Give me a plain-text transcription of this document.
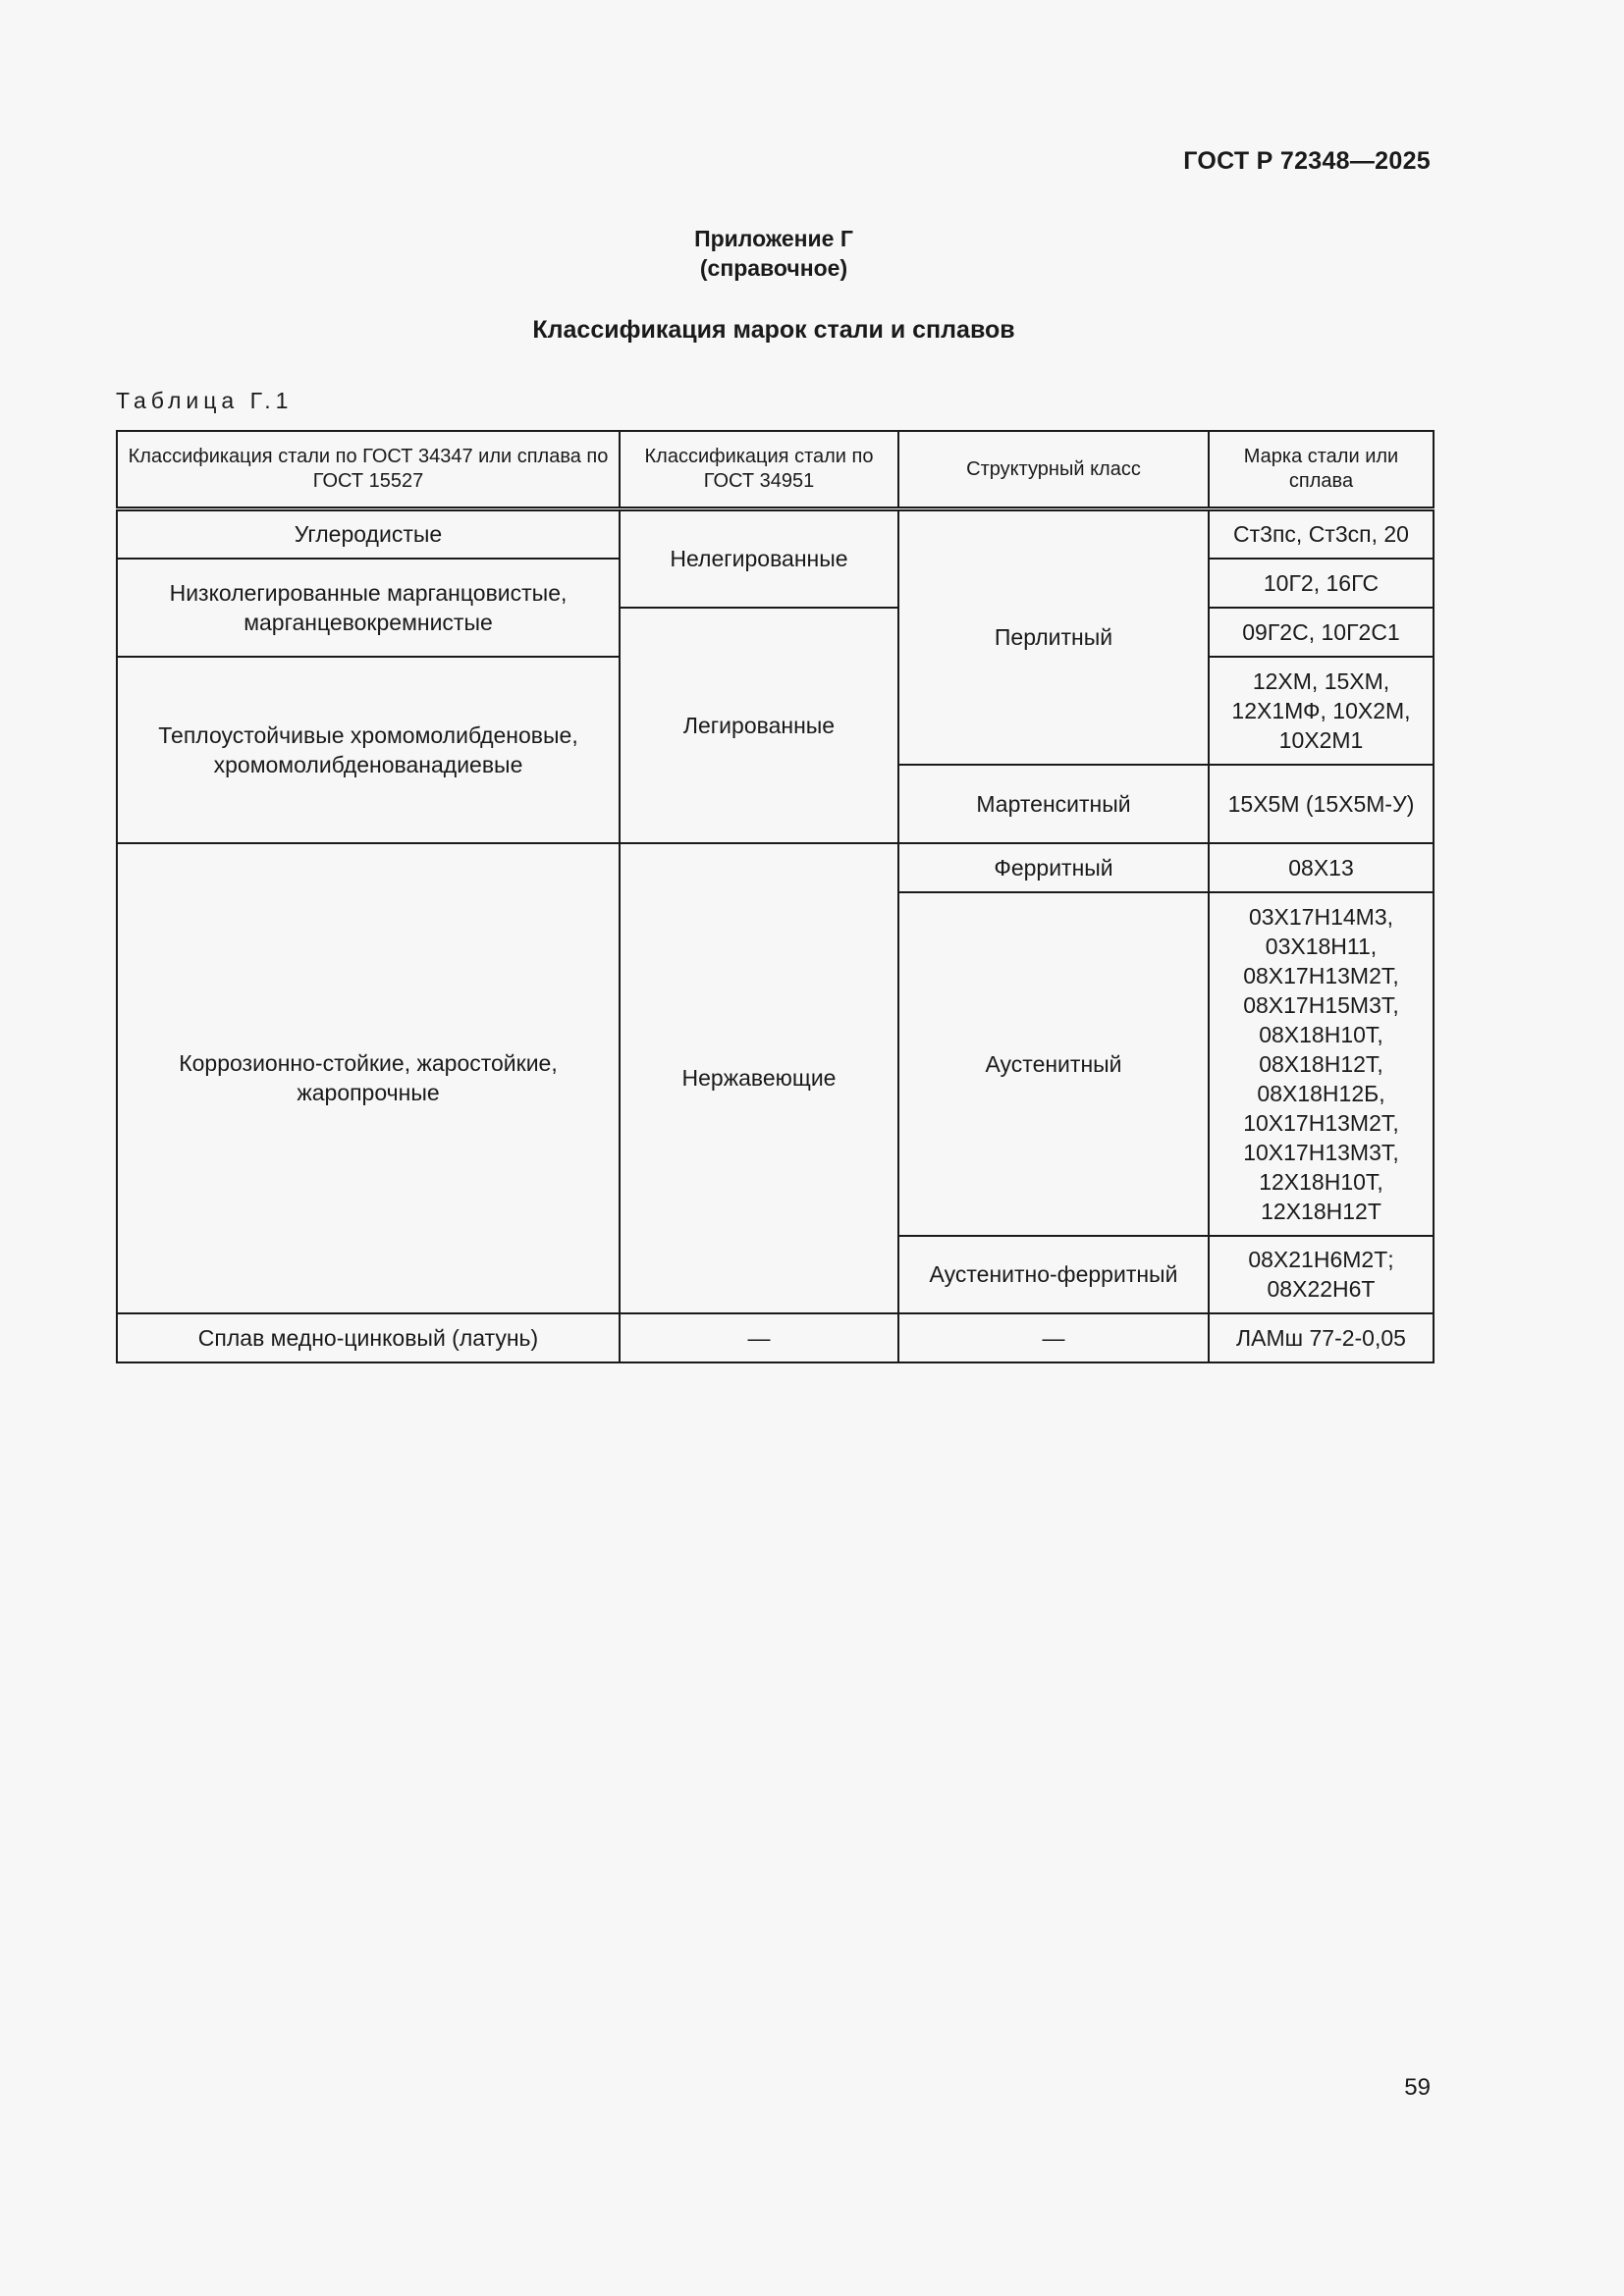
ГОСТ Р 72348—2025
Приложение Г
(справочное)
Классификация марок стали и сплавов
Таблица Г.1
Классификация стали по ГОСТ 34347 или сплава по ГОСТ 15527	Классификация стали по ГОСТ 34951	Структурный класс	Марка стали или сплава
Углеродистые	Нелегированные	Перлитный	Ст3пс, Ст3сп, 20
Низколегированные марганцовистые, марганцевокремнистые			10Г2, 16ГС
	Легированные		09Г2С, 10Г2С1
Теплоустойчивые хромомолибденовые, хромомолибденованадиевые			12ХМ, 15ХМ, 12Х1МФ, 10Х2М, 10Х2М1
		Мартенситный	15Х5М (15Х5М-У)
Коррозионно-стойкие, жаростойкие, жаропрочные	Нержавеющие	Ферритный	08Х13
		Аустенитный	03Х17Н14М3, 03Х18Н11, 08Х17Н13М2Т, 08Х17Н15М3Т, 08Х18Н10Т, 08Х18Н12Т, 08Х18Н12Б, 10Х17Н13М2Т, 10Х17Н13М3Т, 12Х18Н10Т, 12Х18Н12Т
		Аустенитно-ферритный	08Х21Н6М2Т; 08Х22Н6Т
Сплав медно-цинковый (латунь)	—	—	ЛАМш 77-2-0,05
59
